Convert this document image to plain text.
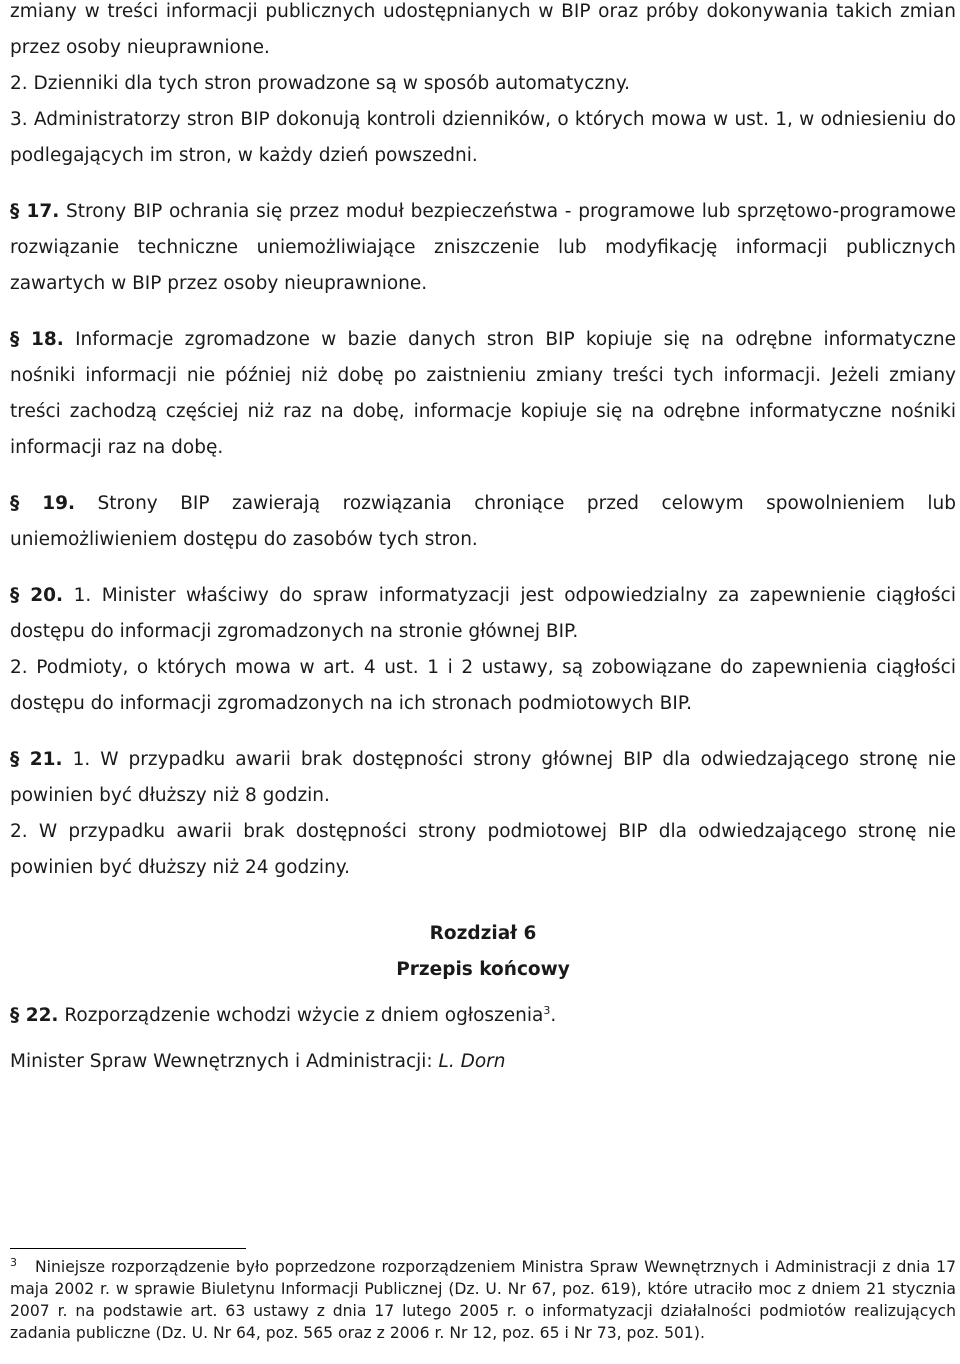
zmiany w treści informacji publicznych udostępnianych w BIP oraz próby dokonywania takich zmian przez osoby nieuprawnione.

2. Dzienniki dla tych stron prowadzone są w sposób automatyczny.

3. Administratorzy stron BIP dokonują kontroli dzienników, o których mowa w ust. 1, w odniesieniu do podlegających im stron, w każdy dzień powszedni.

§ 17. Strony BIP ochrania się przez moduł bezpieczeństwa - programowe lub sprzętowo-programowe rozwiązanie techniczne uniemożliwiające zniszczenie lub modyfikację informacji publicznych zawartych w BIP przez osoby nieuprawnione.

§ 18. Informacje zgromadzone w bazie danych stron BIP kopiuje się na odrębne informatyczne nośniki informacji nie później niż dobę po zaistnieniu zmiany treści tych informacji. Jeżeli zmiany treści zachodzą częściej niż raz na dobę, informacje kopiuje się na odrębne informatyczne nośniki informacji raz na dobę.

§ 19. Strony BIP zawierają rozwiązania chroniące przed celowym spowolnieniem lub uniemożliwieniem dostępu do zasobów tych stron.

§ 20. 1. Minister właściwy do spraw informatyzacji jest odpowiedzialny za zapewnienie ciągłości dostępu do informacji zgromadzonych na stronie głównej BIP.

2. Podmioty, o których mowa w art. 4 ust. 1 i 2 ustawy, są zobowiązane do zapewnienia ciągłości dostępu do informacji zgromadzonych na ich stronach podmiotowych BIP.

§ 21. 1. W przypadku awarii brak dostępności strony głównej BIP dla odwiedzającego stronę nie powinien być dłuższy niż 8 godzin.

2. W przypadku awarii brak dostępności strony podmiotowej BIP dla odwiedzającego stronę nie powinien być dłuższy niż 24 godziny.

Rozdział 6

Przepis końcowy

§ 22. Rozporządzenie wchodzi wżycie z dniem ogłoszenia$^3$.

Minister Spraw Wewnętrznych i Administracji: L. Dorn

$^3$ Niniejsze rozporządzenie było poprzedzone rozporządzeniem Ministra Spraw Wewnętrznych i Administracji z dnia 17 maja 2002 r. w sprawie Biuletynu Informacji Publicznej (Dz. U. Nr 67, poz. 619), które utraciło moc z dniem 21 stycznia 2007 r. na podstawie art. 63 ustawy z dnia 17 lutego 2005 r. o informatyzacji działalności podmiotów realizujących zadania publiczne (Dz. U. Nr 64, poz. 565 oraz z 2006 r. Nr 12, poz. 65 i Nr 73, poz. 501).
